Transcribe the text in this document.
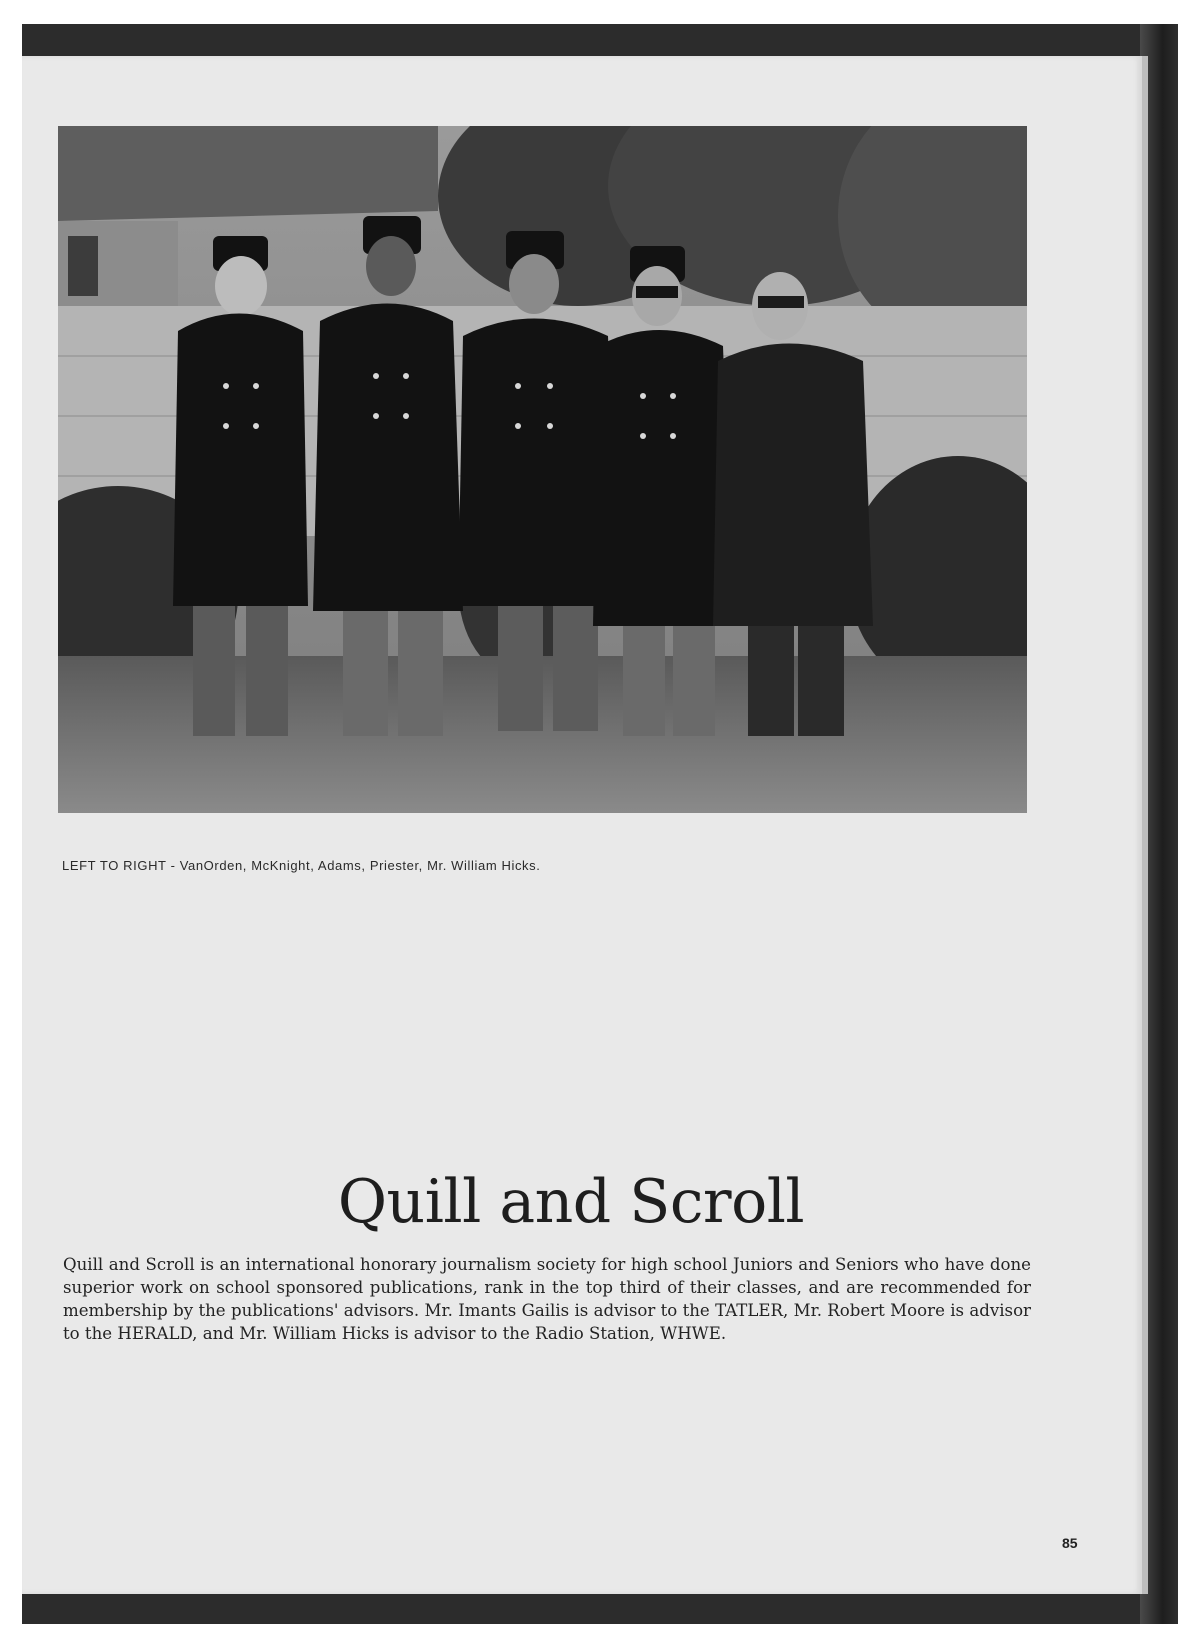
LEFT TO RIGHT - VanOrden, McKnight, Adams, Priester, Mr. William Hicks.
Quill and Scroll

Quill and Scroll is an international honorary journalism society for high school Juniors and Seniors who have done superior work on school sponsored publications, rank in the top third of their classes, and are recommended for membership by the publications' advisors. Mr. Imants Gailis is advisor to the TATLER, Mr. Robert Moore is advisor to the HERALD, and Mr. William Hicks is advisor to the Radio Station, WHWE.

85
